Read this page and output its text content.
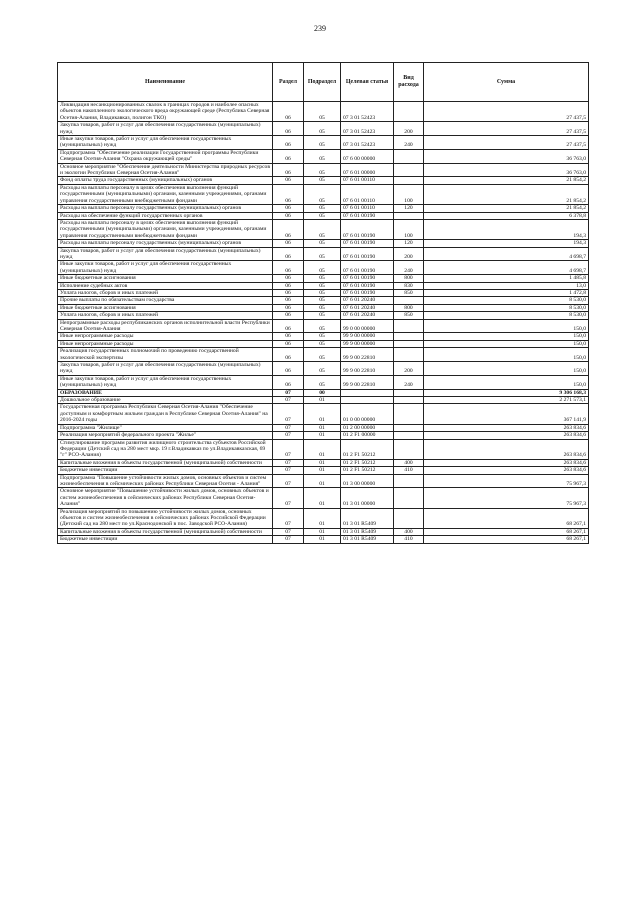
239
Наименование	Раздел	Подраздел	Целевая статья	Вид расхода	Сумма
Ликвидация несанкционированных свалок в границах городов и наиболее опасных объектов накопленного экологического вреда окружающей среде (Республика Северная Осетия-Алания, Владикавказ, полигон ТКО)	06	05	07 3 01 52423		27 437,5
Закупка товаров, работ и услуг для обеспечения государственных (муниципальных) нужд	06	05	07 3 01 52423	200	27 437,5
Иные закупки товаров, работ и услуг для обеспечения государственных (муниципальных) нужд	06	05	07 3 01 52423	240	27 437,5
Подпрограмма "Обеспечение реализации Государственной программы Республики Северная Осетия-Алания "Охрана окружающей среды"	06	05	07 6 00 00000		36 763,0
Основное мероприятие "Обеспечение деятельности Министерства природных ресурсов и экологии Республики Северная Осетия-Алания"	06	05	07 6 01 00000		36 763,0
Фонд оплаты труда государственных (муниципальных) органов	06	05	07 6 01 00110		21 854,2
Расходы на выплаты персоналу в целях обеспечения выполнения функций государственными (муниципальными) органами, казенными учреждениями, органами управления государственными внебюджетными фондами	06	05	07 6 01 00110	100	21 854,2
Расходы на выплаты персоналу государственных (муниципальных) органов	06	05	07 6 01 00110	120	21 854,2
Расходы на обеспечение функций государственных органов	06	05	07 6 01 00190		6 378,8
Расходы на выплаты персоналу в целях обеспечения выполнения функций государственными (муниципальными) органами, казенными учреждениями, органами управления государственными внебюджетными фондами	06	05	07 6 01 00190	100	194,3
Расходы на выплаты персоналу государственных (муниципальных) органов	06	05	07 6 01 00190	120	194,3
Закупка товаров, работ и услуг для обеспечения государственных (муниципальных) нужд	06	05	07 6 01 00190	200	4 698,7
Иные закупки товаров, работ и услуг для обеспечения государственных (муниципальных) нужд	06	05	07 6 01 00190	240	4 698,7
Иные бюджетные ассигнования	06	05	07 6 01 00190	800	1 485,8
Исполнение судебных актов	06	05	07 6 01 00190	830	13,0
Уплата налогов, сборов и иных платежей	06	05	07 6 01 00190	850	1 472,8
Прочие выплаты по обязательствам государства	06	05	07 6 01 20240		8 530,0
Иные бюджетные ассигнования	06	05	07 6 01 20240	800	8 530,0
Уплата налогов, сборов и иных платежей	06	05	07 6 01 20240	850	8 530,0
Непрограммные расходы республиканских органов исполнительной власти Республики Северная Осетия-Алания	06	05	99 0 00 00000		150,0
Иные непрограммные расходы	06	05	99 9 00 00000		150,0
Иные непрограммные расходы	06	05	99 9 00 00000		150,0
Реализация государственных полномочий по проведению государственной экологической экспертизы	06	05	99 9 00 22810		150,0
Закупка товаров, работ и услуг для обеспечения государственных (муниципальных) нужд	06	05	99 9 00 22810	200	150,0
Иные закупки товаров, работ и услуг для обеспечения государственных (муниципальных) нужд	06	05	99 9 00 22810	240	150,0
ОБРАЗОВАНИЕ	07	00			9 306 168,3
Дошкольное образование	07	01			2 271 573,1
Государственная программа Республики Северная Осетия-Алания "Обеспечение доступным и комфортным жильем граждан в Республике Северная Осетия-Алания" на 2016-2024 годы	07	01	01 0 00 00000		367 141,9
Подпрограмма "Жилище"	07	01	01 2 00 00000		263 834,6
Реализация мероприятий федерального проекта "Жилье"	07	01	01 2 F1 00000		263 834,6
Стимулирование программ развития жилищного строительства субъектов Российской Федерации (Детский сад на 280 мест мкр. 19 г.Владикавказ по ул.Владикавказская, 69 "г" РСО-Алания)	07	01	01 2 F1 50212		263 834,6
Капитальные вложения в объекты государственной (муниципальной) собственности	07	01	01 2 F1 50212	400	263 834,6
Бюджетные инвестиции	07	01	01 2 F1 50212	410	263 834,6
Подпрограмма "Повышение устойчивости жилых домов, основных объектов и систем жизнеобеспечения в сейсмических районах Республики Северная Осетия - Алания"	07	01	01 3 00 00000		75 967,3
Основное мероприятие "Повышение устойчивости жилых домов, основных объектов и систем жизнеобеспечения в сейсмических районах Республики Северная Осетия-Алания"	07	01	01 3 01 00000		75 967,3
Реализация мероприятий по повышению устойчивости жилых домов, основных объектов и систем жизнеобеспечения в сейсмических районах Российской Федерации (Детский сад на 280 мест по ул.Краснодонской в пос. Заводской РСО-Алания)	07	01	01 3 01 R5409		68 267,1
Капитальные вложения в объекты государственной (муниципальной) собственности	07	01	01 3 01 R5409	400	68 267,1
Бюджетные инвестиции	07	01	01 3 01 R5409	410	68 267,1
